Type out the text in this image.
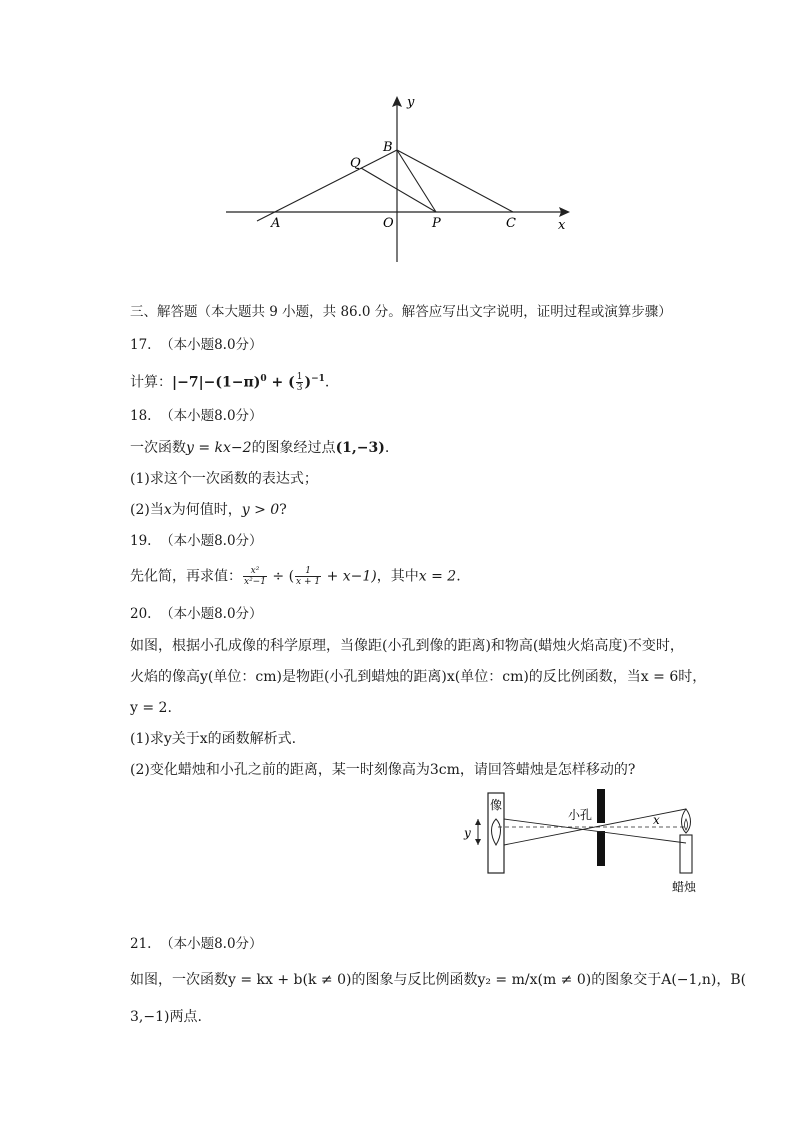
y
B
Q
A	O	P	C	x
三、解答题（本大题共 9 小题，共 86.0 分。解答应写出文字说明，证明过程或演算步骤）
17. （本小题8.0分）
计算：$|-7|-(1-\pi)^0$ + ( $\frac{1}{3} )^{-1}$.
18. （本小题8.0分）
一次函数y = kx−2的图象经过点(1,−3).
(1)求这个一次函数的表达式；
(2)当x为何值时，y > 0?
19. （本小题8.0分）
先化简，再求值： $\frac{\text{x²}}{\text{x²−1}}$ ÷ ( $\frac{1}{x + 1} + x-1$)，其中x = 2.
20. （本小题8.0分）
如图，根据小孔成像的科学原理，当像距(小孔到像的距离)和物高(蜡烛火焰高度)不变时，
火焰的像高y(单位：cm)是物距(小孔到蜡烛的距离)x(单位：cm)的反比例函数，当x = 6时，
y = 2.
(1)求y关于x的函数解析式.
(2)变化蜡烛和小孔之前的距离，某一时刻像高为3cm，请回答蜡烛是怎样移动的?
像
y
小孔	x
蜡烛
21. （本小题8.0分）
如图，一次函数y = kx + b(k ≠ 0)的图象与反比例函数y₂ = m/x(m ≠ 0)的图象交于A(−1,n)，B(
3,−1)两点.
